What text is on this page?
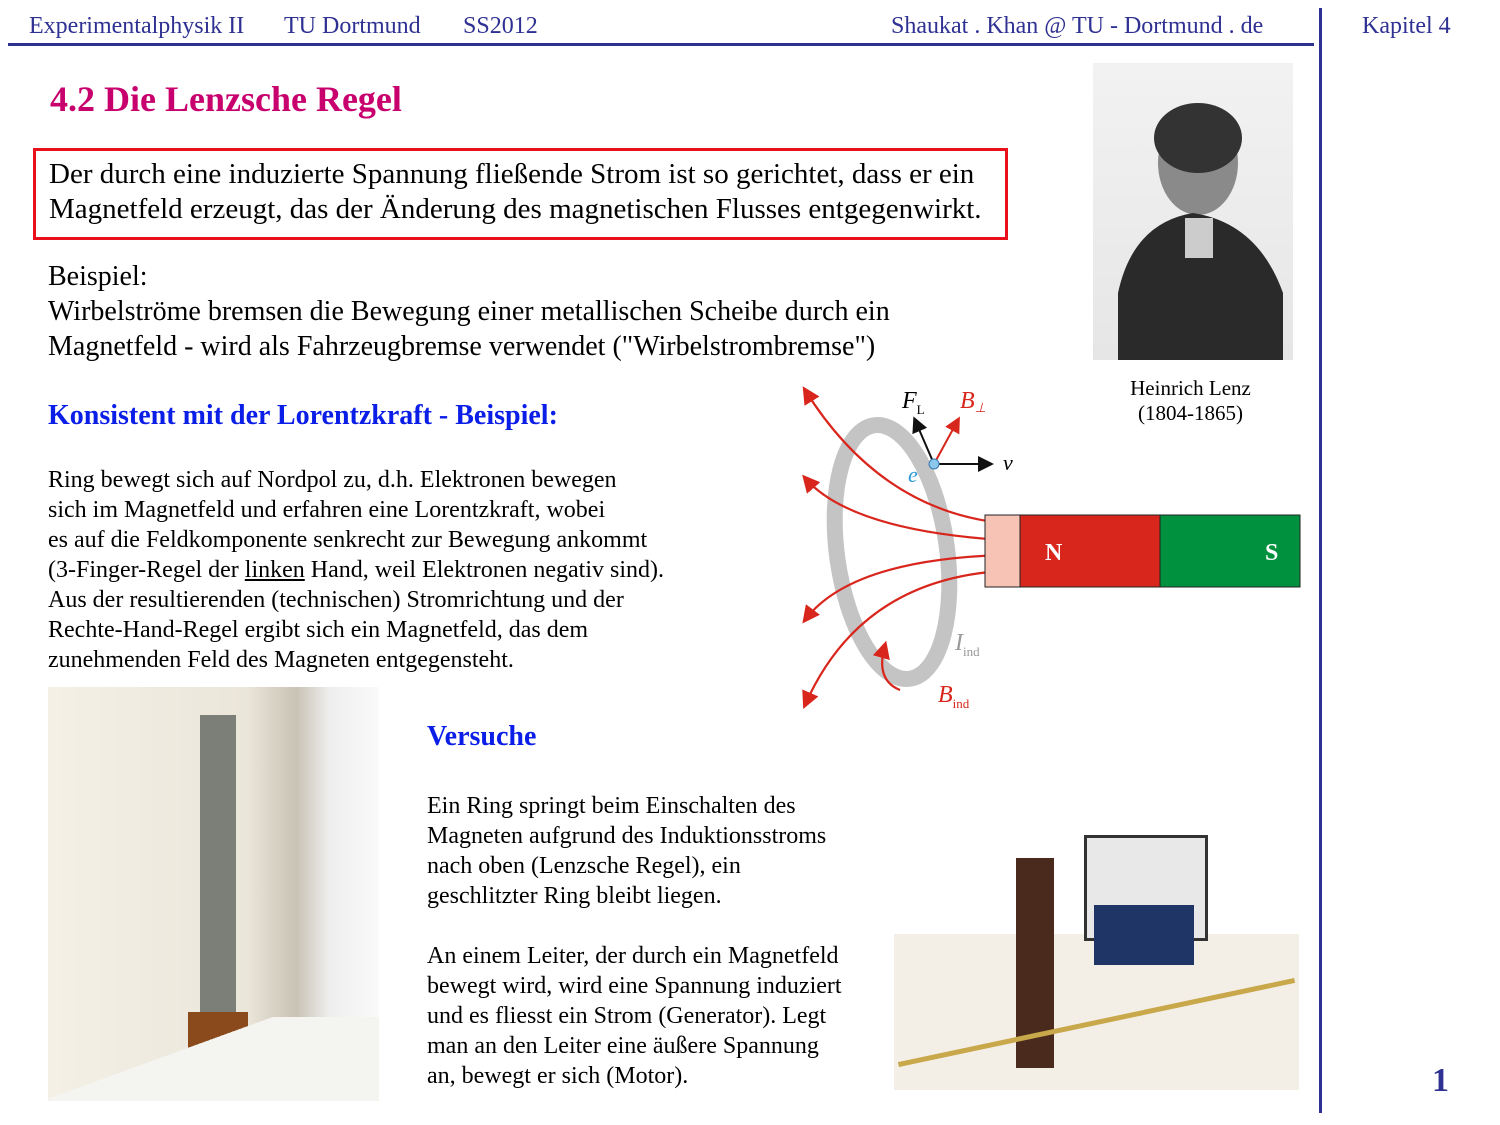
Experimentalphysik II TU Dortmund SS2012	Shaukat . Khan @ TU - Dortmund . de	Kapitel 4
4.2 Die Lenzsche Regel
Der durch eine induzierte Spannung fließende Strom ist so gerichtet, dass er ein
Magnetfeld erzeugt, das der Änderung des magnetischen Flusses entgegenwirkt.
Beispiel:
Wirbelströme bremsen die Bewegung einer metallischen Scheibe durch ein
Magnetfeld - wird als Fahrzeugbremse verwendet ("Wirbelstrombremse")
Konsistent mit der Lorentzkraft - Beispiel:
Ring bewegt sich auf Nordpol zu, d.h. Elektronen bewegen
sich im Magnetfeld und erfahren eine Lorentzkraft, wobei
es auf die Feldkomponente senkrecht zur Bewegung ankommt
(3-Finger-Regel der linken Hand, weil Elektronen negativ sind).
Aus der resultierenden (technischen) Stromrichtung und der
Rechte-Hand-Regel ergibt sich ein Magnetfeld, das dem
zunehmenden Feld des Magneten entgegensteht.
Heinrich Lenz
(1804-1865)
N	S
$F_L$ B⊥
v
e
$I_{ind}$
$B_{ind}$
Versuche
Ein Ring springt beim Einschalten des
Magneten aufgrund des Induktionsstroms
nach oben (Lenzsche Regel), ein
geschlitzter Ring bleibt liegen.
An einem Leiter, der durch ein Magnetfeld
bewegt wird, wird eine Spannung induziert
und es fliesst ein Strom (Generator). Legt
man an den Leiter eine äußere Spannung
an, bewegt er sich (Motor).	1
